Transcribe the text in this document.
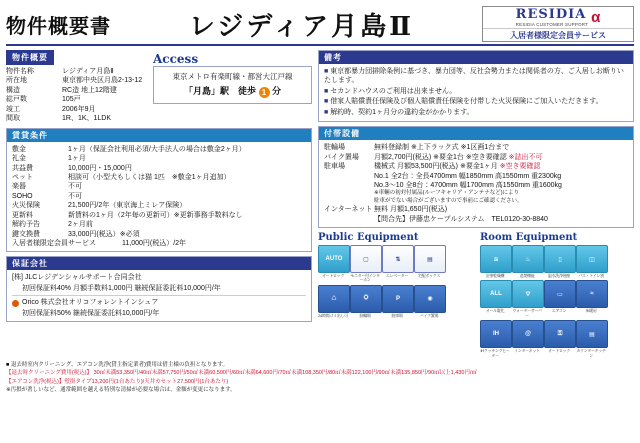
物件概要書	レジディア月島Ⅱ	RESIDIA
RESIDIA CUSTOMER SUPPORT α
入居者様限定会員サービス
物件概要
物件名称	レジディア月島Ⅱ
所在地	東京都中央区月島2-13-12
構造	RC造 地上12階建
総戸数	105戸
竣工	2006年9月
間取	1R、1K、1LDK
Access
東京メトロ有楽町線・都営大江戸線
「月島」駅　徒歩 1 分
賃貸条件
敷金	1ヶ月（保証会社利用必須/大手法人の場合は敷金2ヶ月）
礼金	1ヶ月
共益費	10,000円・15,000円
ペット	相談可（小型犬もしくは猫 1匹　※敷金1ヶ月追加）
楽器	不可
SOHO	不可
火災保険	21,500円/2年（東京海上ミレア保険）
更新料	新賃料の1ヶ月（2年毎の更新可）※更新事務手数料なし
解約予告	2ヶ月前
鍵交換費	33,000円(税込）※必須
入居者様限定会員サービス	11,000円(税込）/2年
保証会社
[株] JLCレジデンシャルサポート合同会社
初回保証料40% 月額手数料1,000円 継続保証委託料10,000円/年
Orico 株式会社オリコフォレントインシュア
初回保証料50% 継続保証委託料10,000円/年
備考
■ 東京都暴力団排除条例に基づき、暴力団等、反社会勢力または関係者の方、ご入居しお断りいたします。
■ セカンドハウスのご利用は出来ません。
■ 借家人賠償責任保険及び個人賠償責任保険を付帯した火災保険にご加入いただきます。
■ 解約時、契約1ヶ月分の違約金がかかります。
付帯設備
駐輪場	無料登録制 ※上下ラック式 ※1区画1台まで
バイク置場	月額2,700円(税込) ※要金1台 ※空き要確認 ※誌出不可
駐車場	機械式 月額53,500円(税込) ※要金1ヶ月 ※空き要確認
No.1 全2台：全長4700mm 幅1850mm 高1550mm 重2300kg
No.3〜10 全8台：4700mm 幅1700mm 高1550mm 重1600kg
※車輛の初対付属品(ルーフキャリア・アンテナなど)により
駐車がでない場合がございますので事前にご確認ください。
インターネット 無料 月額1,650円(税込)
【問合先】伊藤忠ケーブルシステム　TEL0120-30-8840
Public Equipment
AUTO
オートロック
▢
モニター付インターホン
⇅
エレベーター
▤
宅配ボックス
♺
24時間ゴミ出し可
⛭
駐輪場
P
駐車場
◉
バイク置場
Room Equipment
≋
浴室乾燥機
♨
追焚機能
▯
温水洗浄便座
◫
バス・トイレ別
ALL
オール電化
🜄
ウォーターサーバー
▭
エアコン
≈
床暖房
IH
IHクッキングヒーター
@
インターネット
⚿
オートロック
▤
カウンターキッチン
■ 退去時室内クリーニング、エアコン洗浄(貸主指定業者)費用は借主様の負担となります。
【退去時クリーニング費用(税込)】 30㎡未満53,350円/40㎡未満57,750円/50㎡未満60,500円/60㎡未満64,600円/70㎡未満108,350円/80㎡未満122,100円/90㎡未満135,850円/90㎡以上1,430円/㎡
【エアコン洗浄(税込)】壁掛タイプ13,200円(1台あたり)/天井カセット27,500円(1台あたり)
※汚損が著しいなど、通常範囲を越える特別な清掃が必要な場合は、金額が変更になります。
